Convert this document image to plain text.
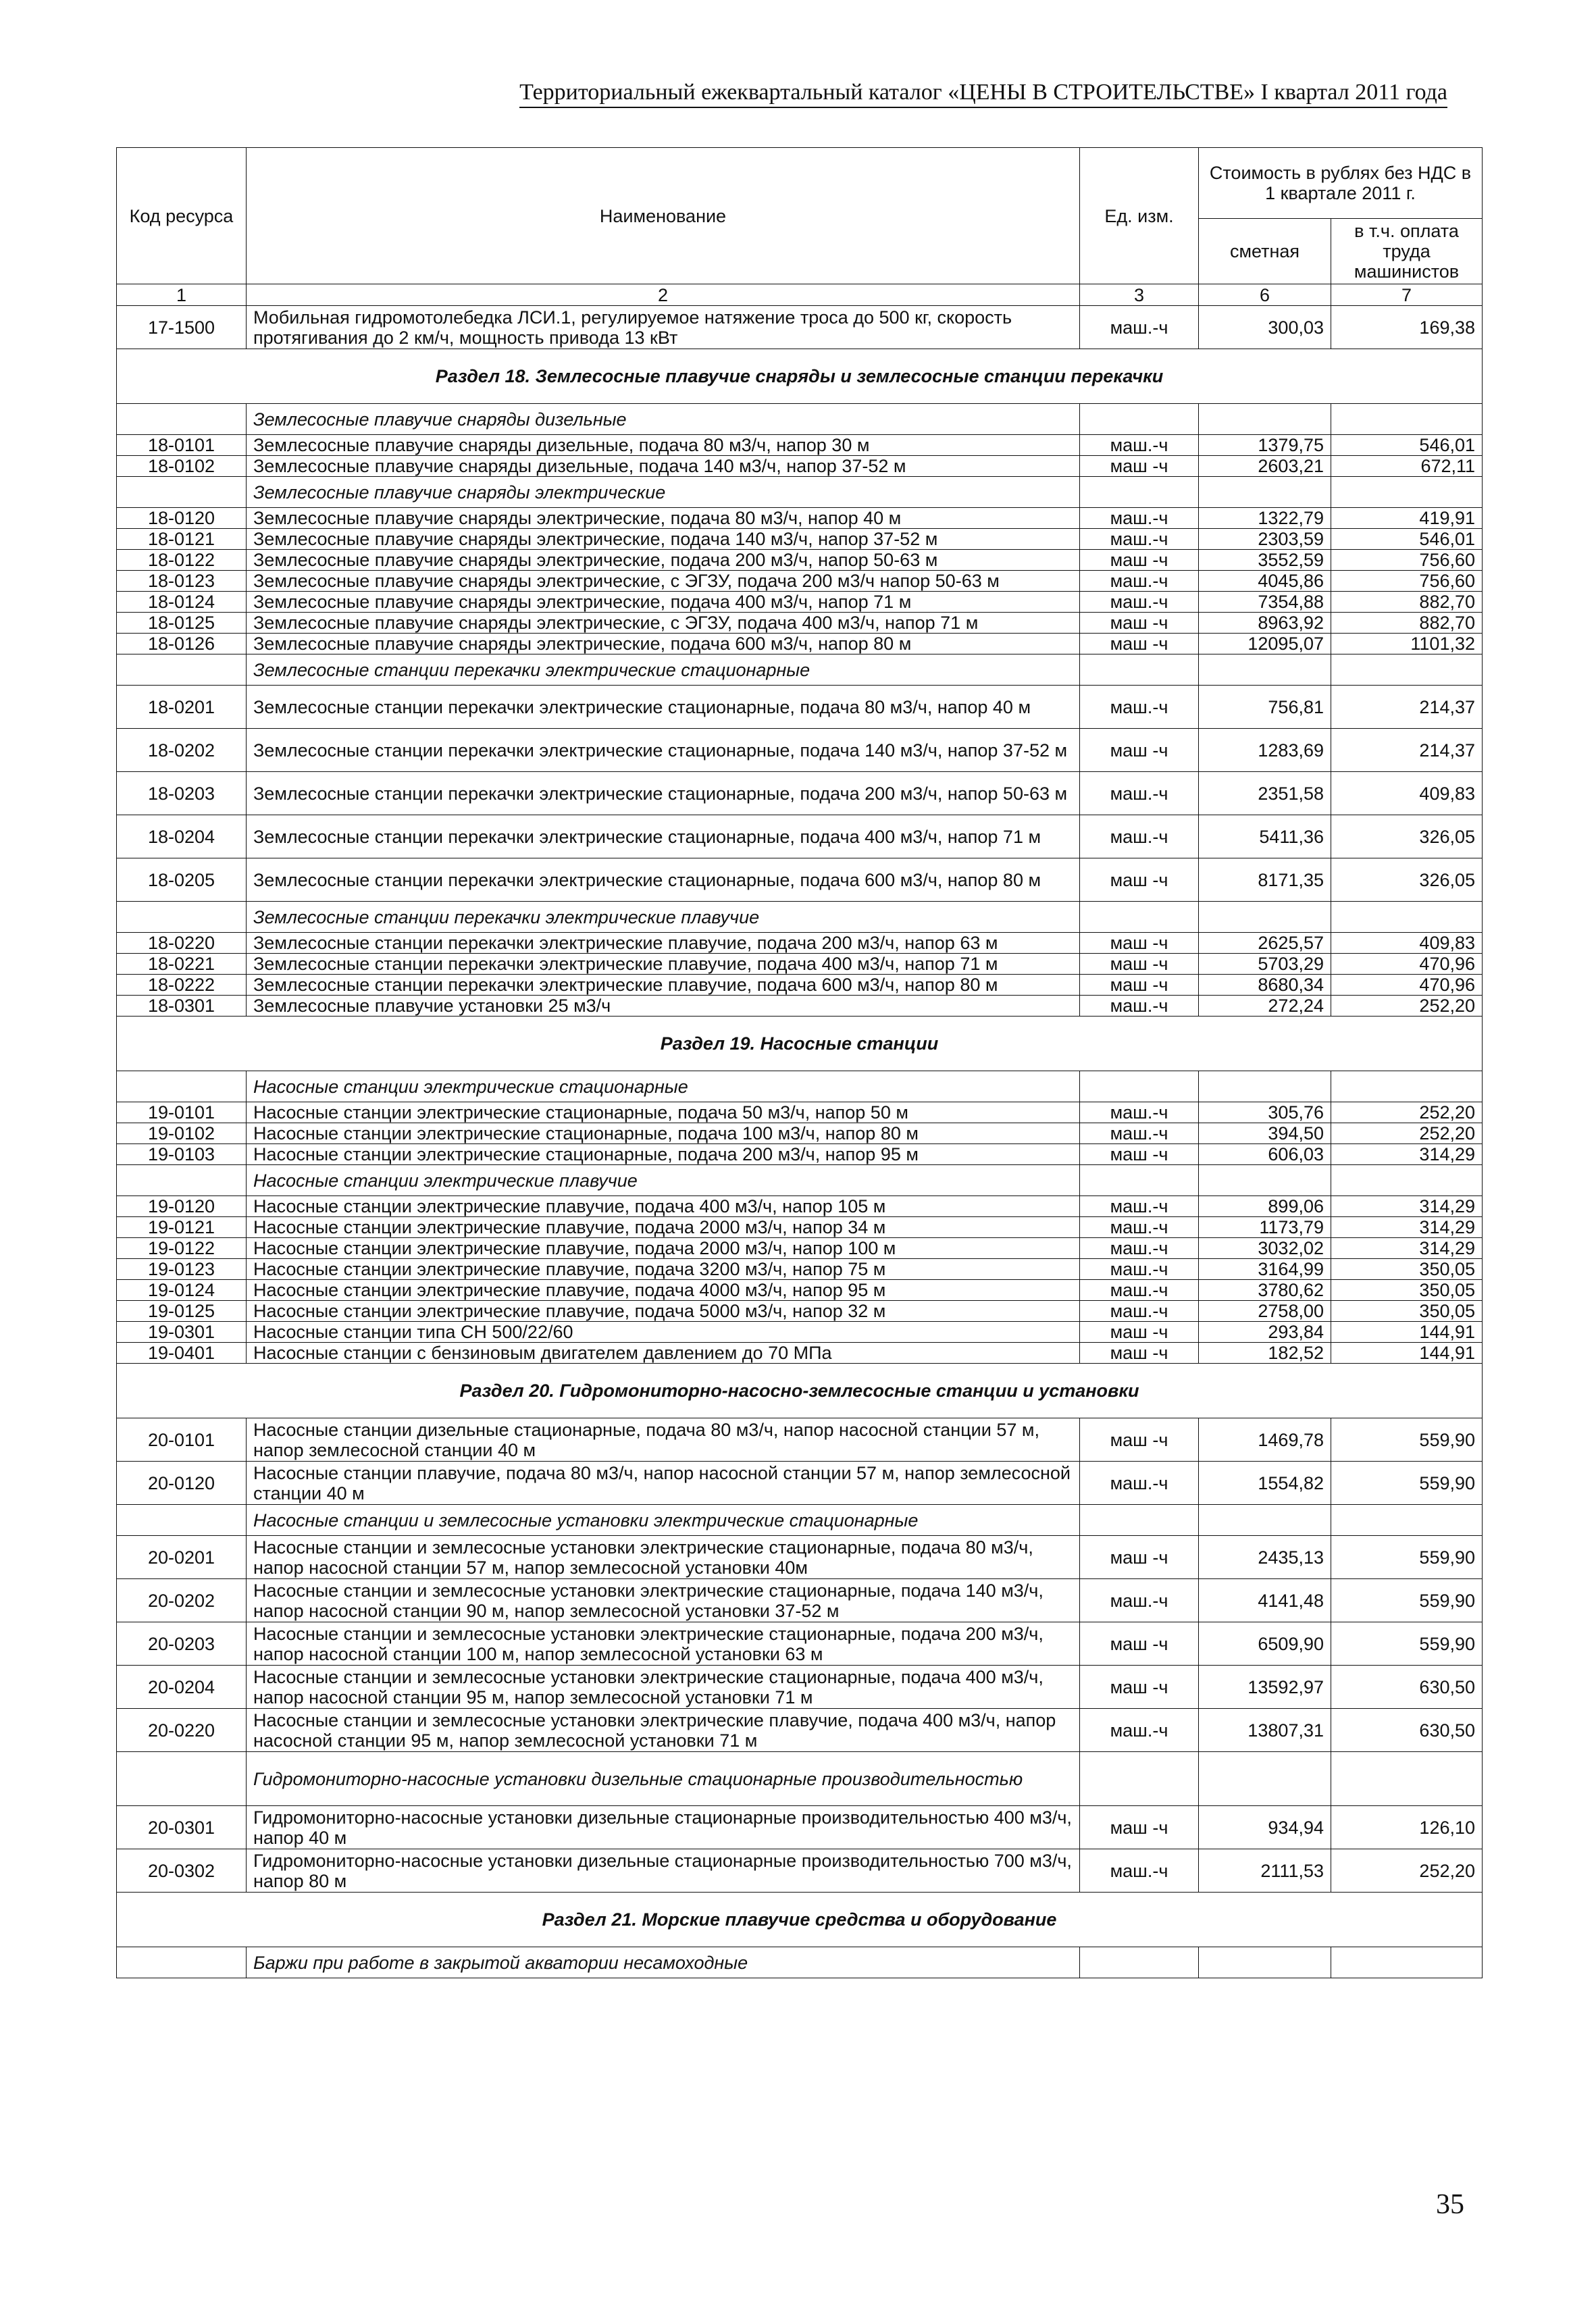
Территориальный ежеквартальный каталог «ЦЕНЫ В СТРОИТЕЛЬСТВЕ» I квартал 2011 года
Код ресурса	Наименование	Ед. изм.	Стоимость в рублях без НДС в 1 квартале 2011 г.	
			сметная	в т.ч. оплата труда машинистов
1	2	3	6	7
17-1500	Мобильная гидромотолебедка ЛСИ.1, регулируемое натяжение троса до 500 кг, скорость протягивания до 2 км/ч, мощность привода 13 кВт	маш.-ч	300,03	169,38
Раздел 18. Землесосные плавучие снаряды и землесосные станции перекачки				
	Землесосные плавучие снаряды дизельные			
18-0101	Землесосные плавучие снаряды дизельные, подача 80 м3/ч, напор 30 м	маш.-ч	1379,75	546,01
18-0102	Землесосные плавучие снаряды дизельные, подача 140 м3/ч, напор 37-52 м	маш -ч	2603,21	672,11
	Землесосные плавучие снаряды электрические			
18-0120	Землесосные плавучие снаряды электрические, подача 80 м3/ч, напор 40 м	маш.-ч	1322,79	419,91
18-0121	Землесосные плавучие снаряды электрические, подача 140 м3/ч, напор 37-52 м	маш.-ч	2303,59	546,01
18-0122	Землесосные плавучие снаряды электрические, подача 200 м3/ч, напор 50-63 м	маш -ч	3552,59	756,60
18-0123	Землесосные плавучие снаряды электрические, с ЭГЗУ, подача 200 м3/ч напор 50-63 м	маш.-ч	4045,86	756,60
18-0124	Землесосные плавучие снаряды электрические, подача 400 м3/ч, напор 71 м	маш.-ч	7354,88	882,70
18-0125	Землесосные плавучие снаряды электрические, с ЭГЗУ, подача 400 м3/ч, напор 71 м	маш -ч	8963,92	882,70
18-0126	Землесосные плавучие снаряды электрические, подача 600 м3/ч, напор 80 м	маш -ч	12095,07	1101,32
	Землесосные станции перекачки электрические стационарные			
18-0201	Землесосные станции перекачки электрические стационарные, подача 80 м3/ч, напор 40 м	маш.-ч	756,81	214,37
18-0202	Землесосные станции перекачки электрические стационарные, подача 140 м3/ч, напор 37-52 м	маш -ч	1283,69	214,37
18-0203	Землесосные станции перекачки электрические стационарные, подача 200 м3/ч, напор 50-63 м	маш.-ч	2351,58	409,83
18-0204	Землесосные станции перекачки электрические стационарные, подача 400 м3/ч, напор 71 м	маш.-ч	5411,36	326,05
18-0205	Землесосные станции перекачки электрические стационарные, подача 600 м3/ч, напор 80 м	маш -ч	8171,35	326,05
	Землесосные станции перекачки электрические плавучие			
18-0220	Землесосные станции перекачки электрические плавучие, подача 200 м3/ч, напор 63 м	маш -ч	2625,57	409,83
18-0221	Землесосные станции перекачки электрические плавучие, подача 400 м3/ч, напор 71 м	маш -ч	5703,29	470,96
18-0222	Землесосные станции перекачки электрические плавучие, подача 600 м3/ч, напор 80 м	маш -ч	8680,34	470,96
18-0301	Землесосные плавучие установки 25 м3/ч	маш.-ч	272,24	252,20
Раздел 19. Насосные станции				
	Насосные станции электрические стационарные			
19-0101	Насосные станции электрические стационарные, подача 50 м3/ч, напор 50 м	маш.-ч	305,76	252,20
19-0102	Насосные станции электрические стационарные, подача 100 м3/ч, напор 80 м	маш.-ч	394,50	252,20
19-0103	Насосные станции электрические стационарные, подача 200 м3/ч, напор 95 м	маш -ч	606,03	314,29
	Насосные станции электрические плавучие			
19-0120	Насосные станции электрические плавучие, подача 400 м3/ч, напор 105 м	маш.-ч	899,06	314,29
19-0121	Насосные станции электрические плавучие, подача 2000 м3/ч, напор 34 м	маш.-ч	1173,79	314,29
19-0122	Насосные станции электрические плавучие, подача 2000 м3/ч, напор 100 м	маш.-ч	3032,02	314,29
19-0123	Насосные станции электрические плавучие, подача 3200 м3/ч, напор 75 м	маш.-ч	3164,99	350,05
19-0124	Насосные станции электрические плавучие, подача 4000 м3/ч, напор 95 м	маш.-ч	3780,62	350,05
19-0125	Насосные станции электрические плавучие, подача 5000 м3/ч, напор 32 м	маш.-ч	2758,00	350,05
19-0301	Насосные станции типа СН 500/22/60	маш -ч	293,84	144,91
19-0401	Насосные станции с бензиновым двигателем давлением до 70 МПа	маш -ч	182,52	144,91
Раздел 20. Гидромониторно-насосно-землесосные станции и установки				
20-0101	Насосные станции дизельные стационарные, подача 80 м3/ч, напор насосной станции 57 м, напор землесосной станции 40 м	маш -ч	1469,78	559,90
20-0120	Насосные станции плавучие, подача 80 м3/ч, напор насосной станции 57 м, напор землесосной станции 40 м	маш.-ч	1554,82	559,90
	Насосные станции и землесосные установки электрические стационарные			
20-0201	Насосные станции и землесосные установки электрические стационарные, подача 80 м3/ч, напор насосной станции 57 м, напор землесосной установки 40м	маш -ч	2435,13	559,90
20-0202	Насосные станции и землесосные установки электрические стационарные, подача 140 м3/ч, напор насосной станции 90 м, напор землесосной установки 37-52 м	маш.-ч	4141,48	559,90
20-0203	Насосные станции и землесосные установки электрические стационарные, подача 200 м3/ч, напор насосной станции 100 м, напор землесосной установки 63 м	маш -ч	6509,90	559,90
20-0204	Насосные станции и землесосные установки электрические стационарные, подача 400 м3/ч, напор насосной станции 95 м, напор землесосной установки 71 м	маш -ч	13592,97	630,50
20-0220	Насосные станции и землесосные установки электрические плавучие, подача 400 м3/ч, напор насосной станции 95 м, напор землесосной установки 71 м	маш.-ч	13807,31	630,50
	Гидромониторно-насосные установки дизельные стационарные производительностью			
20-0301	Гидромониторно-насосные установки дизельные стационарные производительностью 400 м3/ч, напор 40 м	маш -ч	934,94	126,10
20-0302	Гидромониторно-насосные установки дизельные стационарные производительностью 700 м3/ч, напор 80 м	маш.-ч	2111,53	252,20
Раздел 21. Морские плавучие средства и оборудование				
	Баржи при работе в закрытой акватории несамоходные			
35
